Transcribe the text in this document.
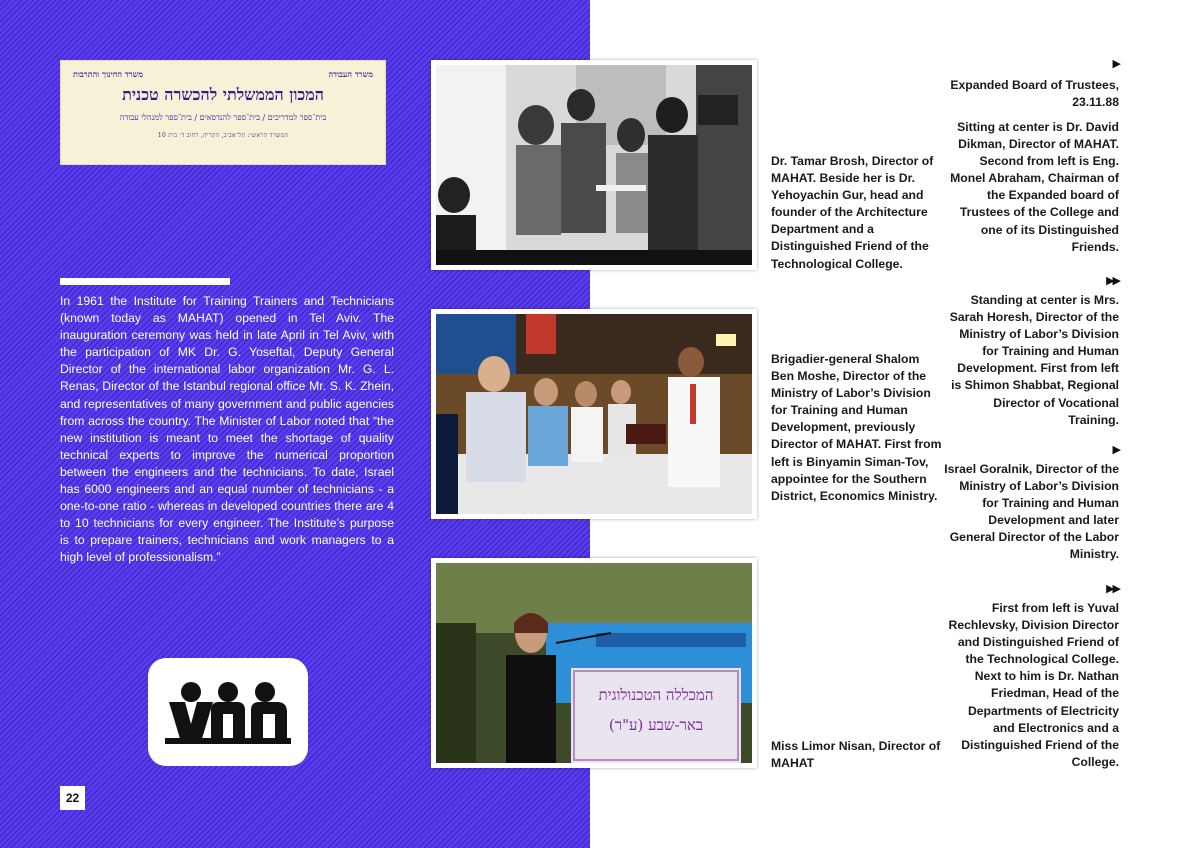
משרד העבודה
משרד החינוך והתרבות
המכון הממשלתי להכשרה טכנית
בית־ספר למדריכים / בית־ספר להנדסאים / בית־ספר למנהלי עבודה
המשרד הראשי: תל־אביב, הקריה, רחוב ד׳ בית 10

In 1961 the Institute for Training Trainers and Technicians (known today as MAHAT) opened in Tel Aviv. The inauguration ceremony was held in late April in Tel Aviv, with the participation of MK Dr. G. Yoseftal, Deputy General Director of the international labor organization Mr. G. L. Renas, Director of the Istanbul regional office Mr. S. K. Zhein, and representatives of many government and public agencies from across the country. The Minister of Labor noted that “the new institution is meant to meet the shortage of quality technical experts to improve the numerical proportion between the engineers and the technicians. To date, Israel has 6000 engineers and an equal number of technicians - a one-to-one ratio - whereas in developed countries there are 4 to 10 technicians for every engineer. The Institute’s purpose is to prepare trainers, technicians and work managers to a high level of professionalism.”

22
המכללה הטכנולוגית
באר-שבע (ע"ר)

Dr. Tamar Brosh, Director of MAHAT. Beside her is Dr. Yehoyachin Gur, head and founder of the Architecture Department and a Distinguished Friend of the Technological College.

Brigadier-general Shalom Ben Moshe, Director of the Ministry of Labor’s Division for Training and Human Development, previously Director of MAHAT. First from left is Binyamin Siman-Tov, appointee for the Southern District, Economics Ministry.

Miss Limor Nisan, Director of MAHAT

▶

Expanded Board of Trustees, 23.11.88

Sitting at center is Dr. David Dikman, Director of MAHAT. Second from left is Eng. Monel Abraham, Chairman of the Expanded board of Trustees of the College and one of its Distinguished Friends.

▶▶

Standing at center is Mrs. Sarah Horesh, Director of the Ministry of Labor’s Division for Training and Human Development. First from left is Shimon Shabbat, Regional Director of Vocational Training.

▶

Israel Goralnik, Director of the Ministry of Labor’s Division for Training and Human Development and later General Director of the Labor Ministry.

▶▶

First from left is Yuval Rechlevsky, Division Director and Distinguished Friend of the Technological College. Next to him is Dr. Nathan Friedman, Head of the Departments of Electricity and Electronics and a Distinguished Friend of the College.
